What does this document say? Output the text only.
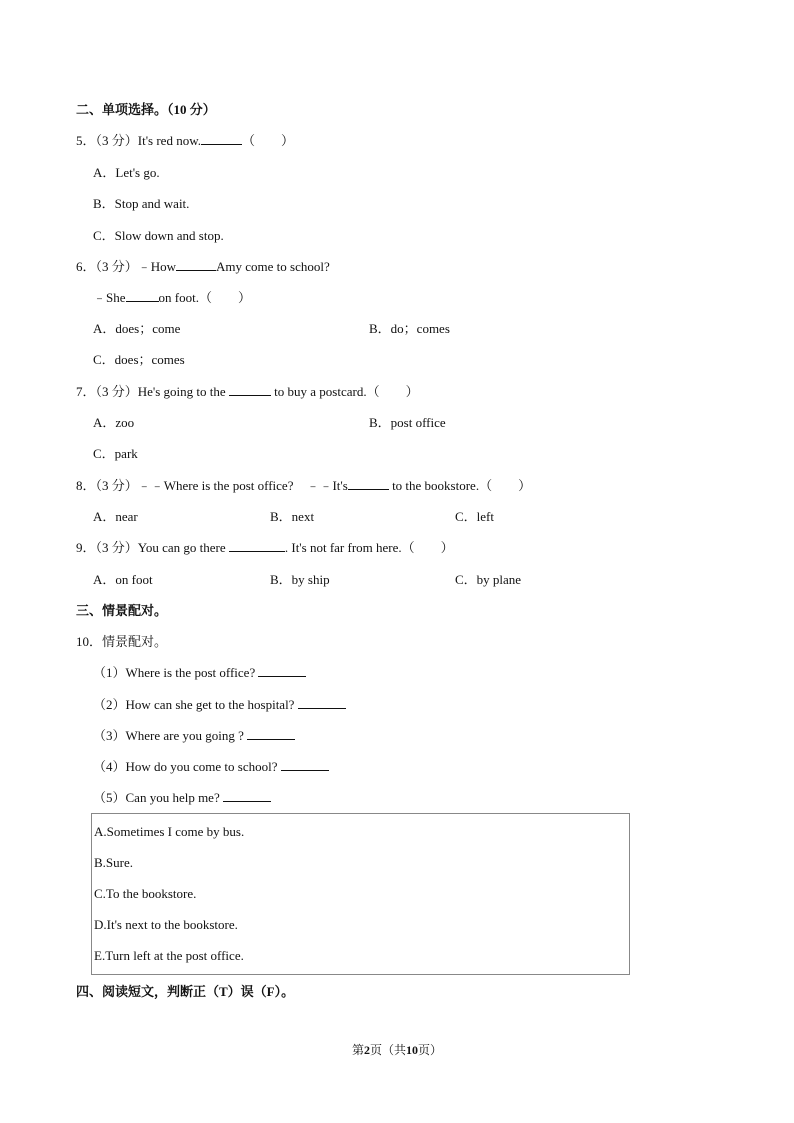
二、单项选择。（10 分）
5．（3 分）It's red now.	（　　）
A．Let's go.
B．Stop and wait.
C．Slow down and stop.
6．（3 分）﹣How	Amy come to school?
﹣She	on foot.（　　）
A．does；come	B．do；comes
C．does；comes
7．（3 分）He's going to the	to buy a postcard.（　　）
A．zoo	B．post office
C．park
8．（3 分）﹣﹣Where is the post office?　﹣﹣It's	to the bookstore.（　　）
A．near	B．next	C．left
9．（3 分）You can go there	. It's not far from here.（　　）
A．on foot	B．by ship	C．by plane
三、情景配对。
10．情景配对。
（1）Where is the post office?
（2）How can she get to the hospital?
（3）Where are you going ?
（4）How do you come to school?
（5）Can you help me?
A.Sometimes I come by bus.
B.Sure.
C.To the bookstore.
D.It's next to the bookstore.
E.Turn left at the post office.
四、阅读短文，判断正（T）误（F）。
第2页（共10页）
